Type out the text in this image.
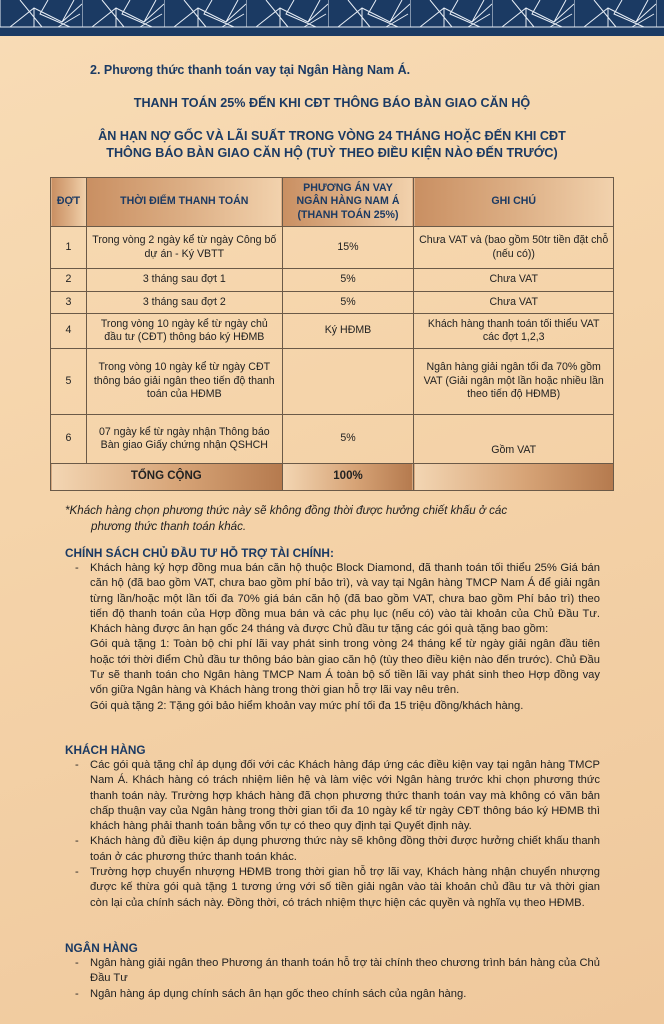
2. Phương thức thanh toán vay tại Ngân Hàng Nam Á.
THANH TOÁN 25% ĐẾN KHI CĐT THÔNG BÁO BÀN GIAO CĂN HỘ
ÂN HẠN NỢ GỐC VÀ LÃI SUẤT TRONG VÒNG 24 THÁNG HOẶC ĐẾN KHI CĐT
THÔNG BÁO BÀN GIAO CĂN HỘ (TUỲ THEO ĐIỀU KIỆN NÀO ĐẾN TRƯỚC)
ĐỢT	THỜI ĐIỂM THANH TOÁN	PHƯƠNG ÁN VAY NGÂN HÀNG NAM Á (THANH TOÁN 25%)	GHI CHÚ
1	Trong vòng 2 ngày kể từ ngày Công bố dự án - Ký VBTT	15%	Chưa VAT và (bao gồm 50tr tiền đặt chỗ (nếu có))
2	3 tháng sau đợt 1	5%	Chưa VAT
3	3 tháng sau đợt 2	5%	Chưa VAT
4	Trong vòng 10 ngày kể từ ngày chủ đầu tư (CĐT) thông báo ký HĐMB	Ký HĐMB	Khách hàng thanh toán tối thiểu VAT các đợt 1,2,3
5	Trong vòng 10 ngày kể từ ngày CĐT thông báo giải ngân theo tiến độ thanh toán của HĐMB		Ngân hàng giải ngân tối đa 70% gồm VAT (Giải ngân một lần hoặc nhiều lần theo tiến độ HĐMB)
6	07 ngày kể từ ngày nhận Thông báo Bàn giao Giấy chứng nhận QSHCH	5%	Gồm VAT
TỔNG CỘNG		100%	
*Khách hàng chọn phương thức này sẽ không đồng thời được hưởng chiết khấu ở các
phương thức thanh toán khác.
CHÍNH SÁCH CHỦ ĐẦU TƯ HỖ TRỢ TÀI CHÍNH:
- Khách hàng ký hợp đồng mua bán căn hộ thuộc Block Diamond, đã thanh toán tối thiểu 25% Giá bán căn hộ (đã bao gồm VAT, chưa bao gồm phí bảo trì), và vay tại Ngân hàng TMCP Nam Á để giải ngân từng lần/hoặc một lần tối đa 70% giá bán căn hộ (đã bao gồm VAT, chưa bao gồm Phí bảo trì) theo tiến độ thanh toán của Hợp đồng mua bán và các phụ lục (nếu có) vào tài khoản của Chủ Đầu Tư. Khách hàng được ân hạn gốc 24 tháng và được Chủ đầu tư tặng các gói quà tặng bao gồm:
Gói quà tặng 1: Toàn bộ chi phí lãi vay phát sinh trong vòng 24 tháng kể từ ngày giải ngân đầu tiên hoặc tới thời điểm Chủ đầu tư thông báo bàn giao căn hộ (tùy theo điều kiện nào đến trước). Chủ Đầu Tư sẽ thanh toán cho Ngân hàng TMCP Nam Á toàn bộ số tiền lãi vay phát sinh theo Hợp đồng vay vốn giữa Ngân hàng và Khách hàng trong thời gian hỗ trợ lãi vay nêu trên.
Gói quà tặng 2: Tặng gói bảo hiểm khoản vay mức phí tối đa 15 triệu đồng/khách hàng.
KHÁCH HÀNG
- Các gói quà tặng chỉ áp dụng đối với các Khách hàng đáp ứng các điều kiện vay tại ngân hàng TMCP Nam Á. Khách hàng có trách nhiệm liên hệ và làm việc với Ngân hàng trước khi chọn phương thức thanh toán này. Trường hợp khách hàng đã chọn phương thức thanh toán vay mà không có văn bản chấp thuận vay của Ngân hàng trong thời gian tối đa 10 ngày kể từ ngày CĐT thông báo ký HĐMB thì khách hàng phải thanh toán bằng vốn tự có theo quy định tại Quyết định này.
- Khách hàng đủ điều kiện áp dụng phương thức này sẽ không đồng thời được hưởng chiết khấu thanh toán ở các phương thức thanh toán khác.
- Trường hợp chuyển nhượng HĐMB trong thời gian hỗ trợ lãi vay, Khách hàng nhận chuyển nhượng được kế thừa gói quà tặng 1 tương ứng với số tiền giải ngân vào tài khoản chủ đầu tư và thời gian còn lại của chính sách này. Đồng thời, có trách nhiệm thực hiện các quyền và nghĩa vụ theo HĐMB.
NGÂN HÀNG
- Ngân hàng giải ngân theo Phương án thanh toán hỗ trợ tài chính theo chương trình bán hàng của Chủ Đầu Tư
- Ngân hàng áp dụng chính sách ân hạn gốc theo chính sách của ngân hàng.
